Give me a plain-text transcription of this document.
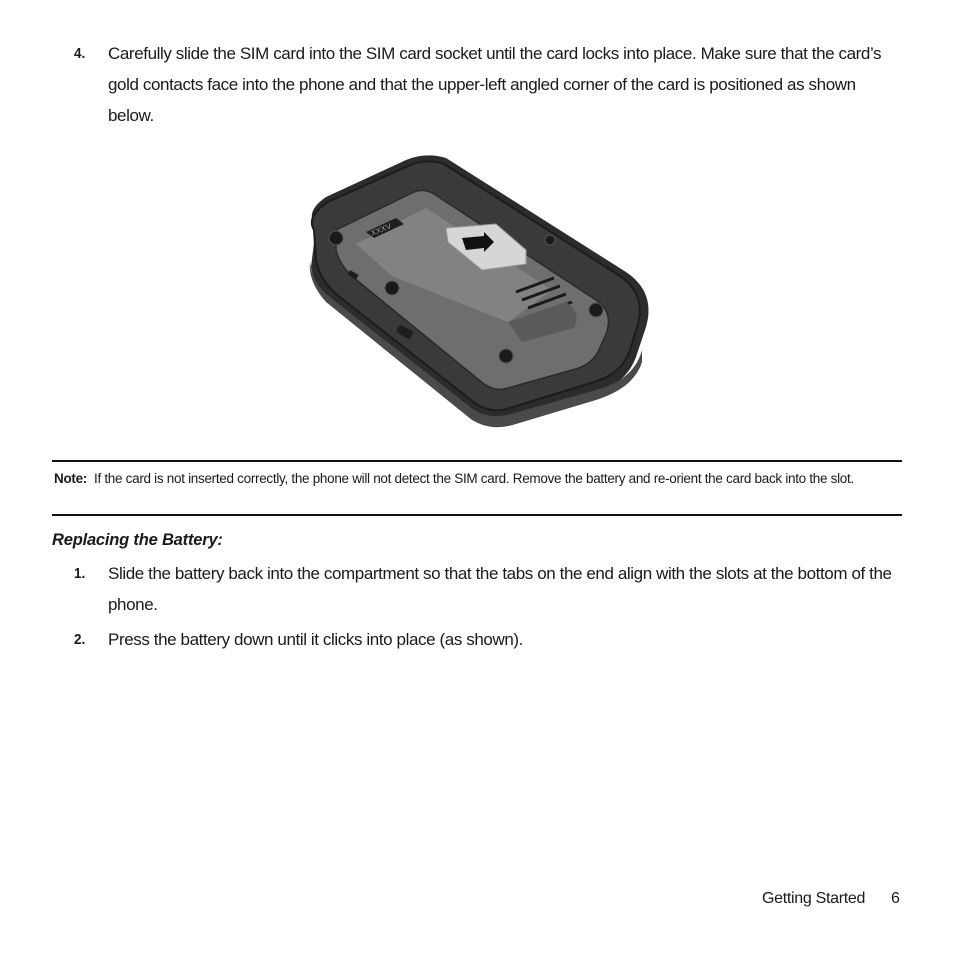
4. Carefully slide the SIM card into the SIM card socket until the card locks into place. Make sure that the card’s gold contacts face into the phone and that the upper-left angled corner of the card is positioned as shown below.
XXXV
Note: If the card is not inserted correctly, the phone will not detect the SIM card. Remove the battery and re-orient the card back into the slot.
Replacing the Battery:
1. Slide the battery back into the compartment so that the tabs on the end align with the slots at the bottom of the phone.
2. Press the battery down until it clicks into place (as shown).
Getting Started 6
